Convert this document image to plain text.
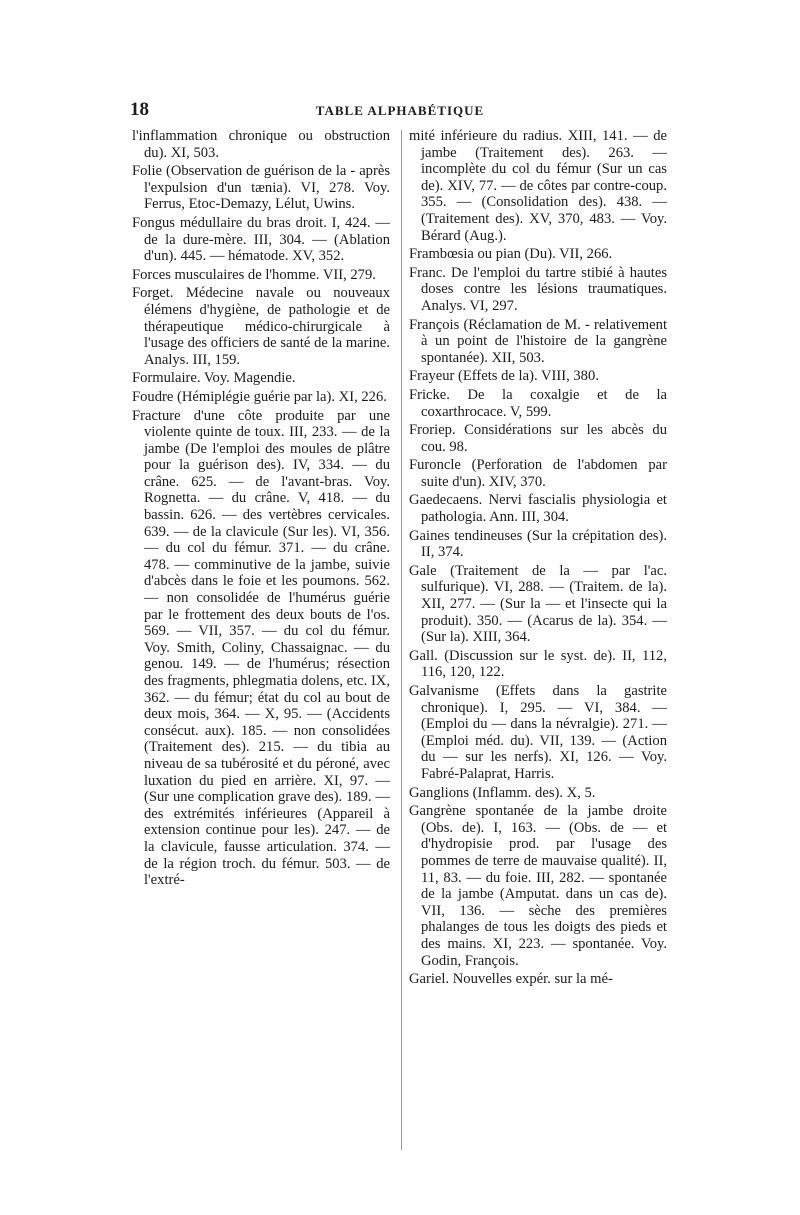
18	TABLE ALPHABÉTIQUE

l'inflammation chronique ou obstruction du). XI, 503.

Folie (Observation de guérison de la - après l'expulsion d'un tænia). VI, 278. Voy. Ferrus, Etoc-Demazy, Lélut, Uwins.

Fongus médullaire du bras droit. I, 424. — de la dure-mère. III, 304. — (Ablation d'un). 445. — hématode. XV, 352.

Forces musculaires de l'homme. VII, 279.

Forget. Médecine navale ou nouveaux élémens d'hygiène, de pathologie et de thérapeutique médico-chirurgicale à l'usage des officiers de santé de la marine. Analys. III, 159.

Formulaire. Voy. Magendie.

Foudre (Hémiplégie guérie par la). XI, 226.

Fracture d'une côte produite par une violente quinte de toux. III, 233. — de la jambe (De l'emploi des moules de plâtre pour la guérison des). IV, 334. — du crâne. 625. — de l'avant-bras. Voy. Rognetta. — du crâne. V, 418. — du bassin. 626. — des vertèbres cervicales. 639. — de la clavicule (Sur les). VI, 356. — du col du fémur. 371. — du crâne. 478. — comminutive de la jambe, suivie d'abcès dans le foie et les poumons. 562. — non consolidée de l'humérus guérie par le frottement des deux bouts de l'os. 569. — VII, 357. — du col du fémur. Voy. Smith, Coliny, Chassaignac. — du genou. 149. — de l'humérus; résection des fragments, phlegmatia dolens, etc. IX, 362. — du fémur; état du col au bout de deux mois, 364. — X, 95. — (Accidents consécut. aux). 185. — non consolidées (Traitement des). 215. — du tibia au niveau de sa tubérosité et du péroné, avec luxation du pied en arrière. XI, 97. — (Sur une complication grave des). 189. — des extrémités inférieures (Appareil à extension continue pour les). 247. — de la clavicule, fausse articulation. 374. — de la région troch. du fémur. 503. — de l'extré-

mité inférieure du radius. XIII, 141. — de jambe (Traitement des). 263. — incomplète du col du fémur (Sur un cas de). XIV, 77. — de côtes par contre-coup. 355. — (Consolidation des). 438. — (Traitement des). XV, 370, 483. — Voy. Bérard (Aug.).

Frambœsia ou pian (Du). VII, 266.

Franc. De l'emploi du tartre stibié à hautes doses contre les lésions traumatiques. Analys. VI, 297.

François (Réclamation de M. - relativement à un point de l'histoire de la gangrène spontanée). XII, 503.

Frayeur (Effets de la). VIII, 380.

Fricke. De la coxalgie et de la coxarthrocace. V, 599.

Froriep. Considérations sur les abcès du cou. 98.

Furoncle (Perforation de l'abdomen par suite d'un). XIV, 370.

Gaedecaens. Nervi fascialis physiologia et pathologia. Ann. III, 304.

Gaines tendineuses (Sur la crépitation des). II, 374.

Gale (Traitement de la — par l'ac. sulfurique). VI, 288. — (Traitem. de la). XII, 277. — (Sur la — et l'insecte qui la produit). 350. — (Acarus de la). 354. — (Sur la). XIII, 364.

Gall. (Discussion sur le syst. de). II, 112, 116, 120, 122.

Galvanisme (Effets dans la gastrite chronique). I, 295. — VI, 384. — (Emploi du — dans la névralgie). 271. — (Emploi méd. du). VII, 139. — (Action du — sur les nerfs). XI, 126. — Voy. Fabré-Palaprat, Harris.

Ganglions (Inflamm. des). X, 5.

Gangrène spontanée de la jambe droite (Obs. de). I, 163. — (Obs. de — et d'hydropisie prod. par l'usage des pommes de terre de mauvaise qualité). II, 11, 83. — du foie. III, 282. — spontanée de la jambe (Amputat. dans un cas de). VII, 136. — sèche des premières phalanges de tous les doigts des pieds et des mains. XI, 223. — spontanée. Voy. Godin, François.

Gariel. Nouvelles expér. sur la mé-
